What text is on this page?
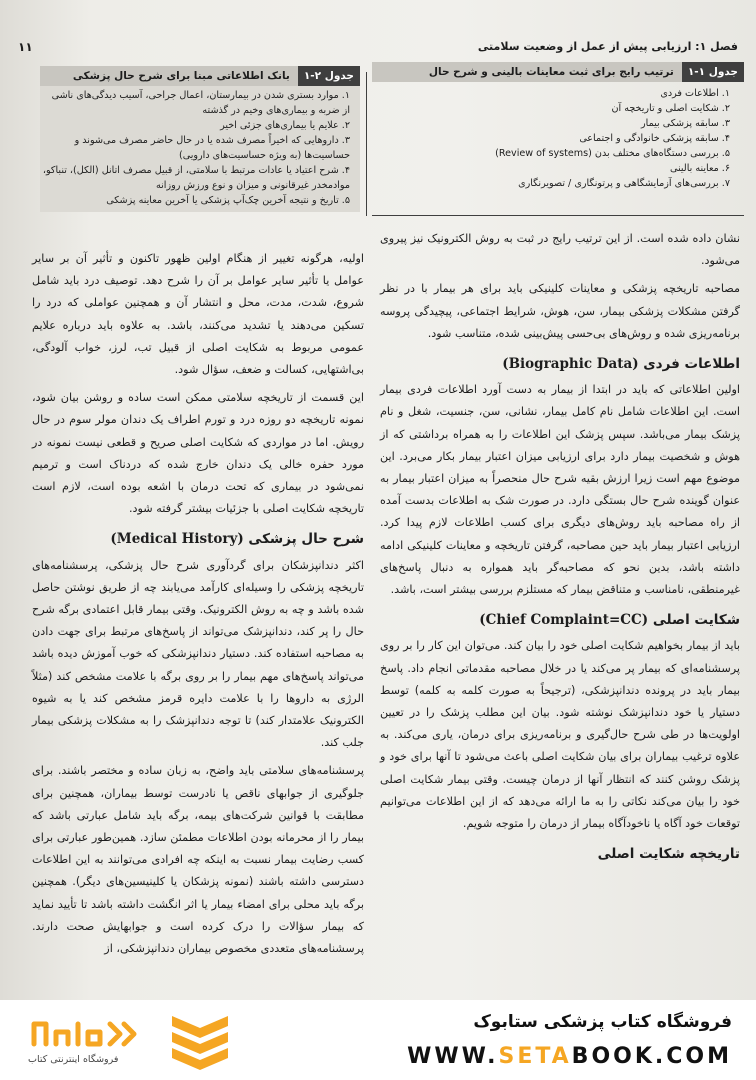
فصل ۱: ارزیابی پیش از عمل از وضعیت سلامتی
۱۱
جدول ۱-۱
ترتیب رایج برای ثبت معاینات بالینی و شرح حال
۱. اطلاعات فردی
۲. شکایت اصلی و تاریخچه آن
۳. سابقه پزشکی بیمار
۴. سابقه پزشکی خانوادگی و اجتماعی
۵. بررسی دستگاه‌های مختلف بدن (Review of systems)
۶. معاینه بالینی
۷. بررسی‌های آزمایشگاهی و پرتونگاری / تصویرنگاری
جدول ۲-۱
بانک اطلاعاتی مبنا برای شرح حال پزشکی
۱. موارد بستری شدن در بیمارستان، اعمال جراحی، آسیب دیدگی‌های ناشی از ضربه و بیماری‌های وخیم در گذشته
۲. علایم یا بیماری‌های جزئی اخیر
۳. داروهایی که اخیراً مصرف شده یا در حال حاضر مصرف می‌شوند و حساسیت‌ها (به ویژه حساسیت‌های دارویی)
۴. شرح اعتیاد یا عادات مرتبط با سلامتی، از قبیل مصرف اتانل (الکل)، تنباکو، موادمخدر غیرقانونی و میزان و نوع ورزش روزانه
۵. تاریخ و نتیجه آخرین چک‌آپ پزشکی یا آخرین معاینه پزشکی

نشان داده شده است. از این ترتیب رایج در ثبت به روش الکترونیک نیز پیروی می‌شود.

مصاحبه تاریخچه پزشکی و معاینات کلینیکی باید برای هر بیمار با در نظر گرفتن مشکلات پزشکی بیمار، سن، هوش، شرایط اجتماعی، پیچیدگی پروسه برنامه‌ریزی شده و روش‌های بی‌حسی پیش‌بینی شده، متناسب شود.

اطلاعات فردی (Biographic Data)

اولین اطلاعاتی که باید در ابتدا از بیمار به دست آورد اطلاعات فردی بیمار است. این اطلاعات شامل نام کامل بیمار، نشانی، سن، جنسیت، شغل و نام پزشک بیمار می‌باشد. سپس پزشک این اطلاعات را به همراه برداشتی که از هوش و شخصیت بیمار دارد برای ارزیابی میزان اعتبار بیمار بکار می‌برد. این موضوع مهم است زیرا ارزش بقیه شرح حال منحصراً به میزان اعتبار بیمار به عنوان گوینده شرح حال بستگی دارد. در صورت شک به اطلاعات بدست آمده از راه مصاحبه باید روش‌های دیگری برای کسب اطلاعات لازم پیدا کرد. ارزیابی اعتبار بیمار باید حین مصاحبه، گرفتن تاریخچه و معاینات کلینیکی ادامه داشته باشد، بدین نحو که مصاحبه‌گر باید همواره به دنبال پاسخ‌های غیرمنطقی، نامناسب و متناقض بیمار که مستلزم بررسی بیشتر است، باشد.

شکایت اصلی (Chief Complaint=CC)

باید از بیمار بخواهیم شکایت اصلی خود را بیان کند. می‌توان این کار را بر روی پرسشنامه‌ای که بیمار پر می‌کند یا در خلال مصاحبه مقدماتی انجام داد. پاسخ بیمار باید در پرونده دندانپزشکی، (ترجیحاً به صورت کلمه به کلمه) توسط دستیار یا خود دندانپزشک نوشته شود. بیان این مطلب پزشک را در تعیین اولویت‌ها در طی شرح حال‌گیری و برنامه‌ریزی برای درمان، یاری می‌کند. به علاوه ترغیب بیماران برای بیان شکایت اصلی باعث می‌شود تا آنها برای خود و پزشک روشن کنند که انتظار آنها از درمان چیست. وقتی بیمار شکایت اصلی خود را بیان می‌کند نکاتی را به ما ارائه می‌دهد که از این اطلاعات می‌توانیم توقعات خود آگاه یا ناخودآگاه بیمار از درمان را متوجه شویم.

تاریخچه شکایت اصلی

اولیه، هرگونه تغییر از هنگام اولین ظهور تاکنون و تأثیر آن بر سایر عوامل یا تأثیر سایر عوامل بر آن را شرح دهد. توصیف درد باید شامل شروع، شدت، مدت، محل و انتشار آن و همچنین عواملی که درد را تسکین می‌دهند یا تشدید می‌کنند، باشد. به علاوه باید درباره علایم عمومی مربوط به شکایت اصلی از قبیل تب، لرز، خواب آلودگی، بی‌اشتهایی، کسالت و ضعف، سؤال شود.

این قسمت از تاریخچه سلامتی ممکن است ساده و روشن بیان شود، نمونه تاریخچه دو روزه درد و تورم اطراف یک دندان مولر سوم در حال رویش. اما در مواردی که شکایت اصلی صریح و قطعی نیست نمونه در مورد حفره خالی یک دندان خارج شده که دردناک است و ترمیم نمی‌شود در بیماری که تحت درمان با اشعه بوده است، لازم است تاریخچه شکایت اصلی با جزئیات بیشتر گرفته شود.

شرح حال پزشکی (Medical History)

اکثر دندانپزشکان برای گردآوری شرح حال پزشکی، پرسشنامه‌های تاریخچه پزشکی را وسیله‌ای کارآمد می‌یابند چه از طریق نوشتن حاصل شده باشد و چه به روش الکترونیک. وقتی بیمار قابل اعتمادی برگه شرح حال را پر کند، دندانپزشک می‌تواند از پاسخ‌های مرتبط برای جهت دادن به مصاحبه استفاده کند. دستیار دندانپزشکی که خوب آموزش دیده باشد می‌تواند پاسخ‌های مهم بیمار را بر روی برگه با علامت مشخص کند (مثلاً الرژی به داروها را با علامت دایره قرمز مشخص کند یا به شیوه الکترونیک علامتدار کند) تا توجه دندانپزشک را به مشکلات پزشکی بیمار جلب کند.

پرسشنامه‌های سلامتی باید واضح، به زبان ساده و مختصر باشند. برای جلوگیری از جوابهای ناقص یا نادرست توسط بیماران، همچنین برای مطابقت با قوانین شرکت‌های بیمه، برگه باید شامل عبارتی باشد که بیمار را از محرمانه بودن اطلاعات مطمئن سازد. همین‌طور عبارتی برای کسب رضایت بیمار نسبت به اینکه چه افرادی می‌توانند به این اطلاعات دسترسی داشته باشند (نمونه پزشکان یا کلینیسین‌های دیگر). همچنین برگه باید محلی برای امضاء بیمار یا اثر انگشت داشته باشد تا تأیید نماید که بیمار سؤالات را درک کرده است و جوابهایش صحت دارند. پرسشنامه‌های متعددی مخصوص بیماران دندانپزشکی، از

فروشگاه اینترنتی کتاب
فروشگاه کتاب پزشکی ستابوک
WWW.SETABOOK.COM
